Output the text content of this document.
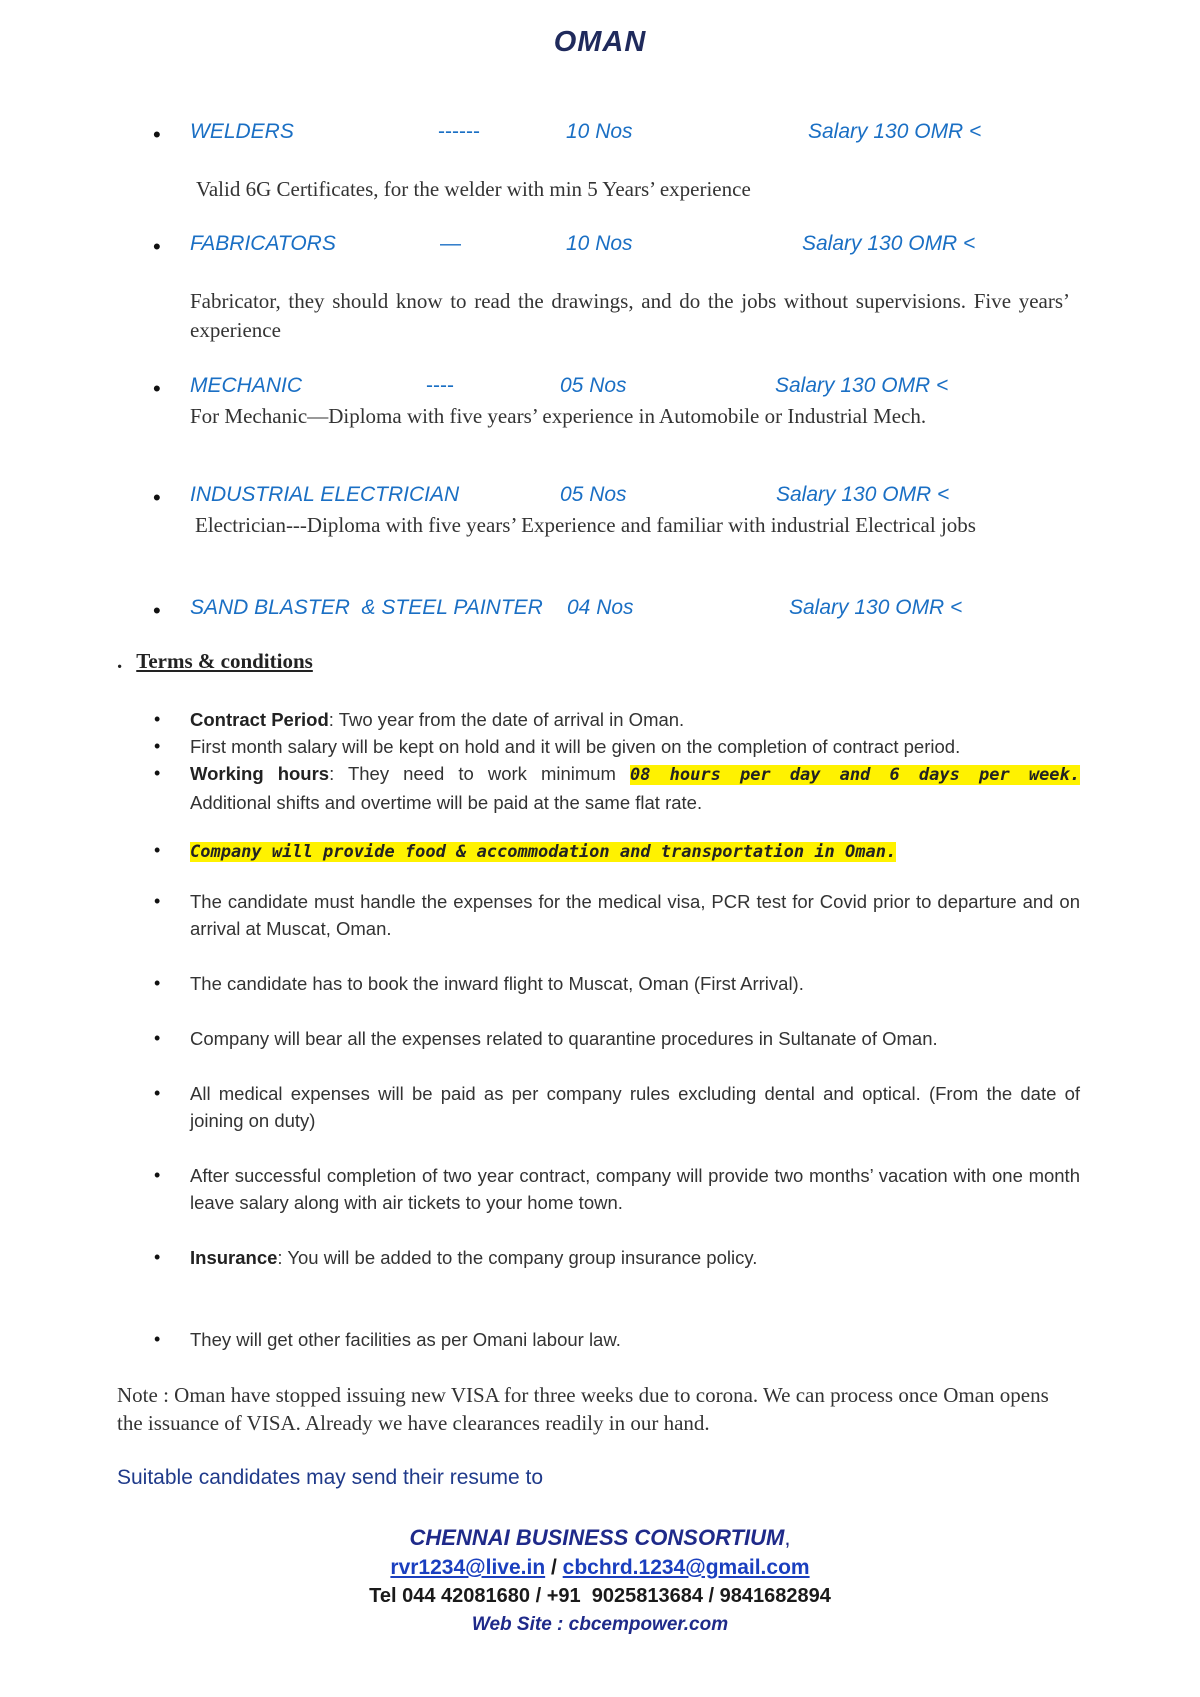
OMAN
• WELDERS	------	10 Nos	Salary 130 OMR <
Valid 6G Certificates, for the welder with min 5 Years’ experience
• FABRICATORS	—	10 Nos	Salary 130 OMR <
Fabricator, they should know to read the drawings, and do the jobs without supervisions. Five years’ experience
• MECHANIC	----	05 Nos	Salary 130 OMR <
For Mechanic—Diploma with five years’ experience in Automobile or Industrial Mech.
• INDUSTRIAL ELECTRICIAN	05 Nos	Salary 130 OMR <
Electrician---Diploma with five years’ Experience and familiar with industrial Electrical jobs
• SAND BLASTER  & STEEL PAINTER 04 Nos	Salary 130 OMR <
. Terms & conditions
• Contract Period: Two year from the date of arrival in Oman.
• First month salary will be kept on hold and it will be given on the completion of contract period.
• Working hours: They need to work minimum 08 hours per day and 6 days per week. Additional shifts and overtime will be paid at the same flat rate.
• Company will provide food & accommodation and transportation in Oman.
• The candidate must handle the expenses for the medical visa, PCR test for Covid prior to departure and on arrival at Muscat, Oman.
• The candidate has to book the inward flight to Muscat, Oman (First Arrival).
• Company will bear all the expenses related to quarantine procedures in Sultanate of Oman.
• All medical expenses will be paid as per company rules excluding dental and optical. (From the date of joining on duty)
• After successful completion of two year contract, company will provide two months’ vacation with one month leave salary along with air tickets to your home town.
• Insurance: You will be added to the company group insurance policy.
• They will get other facilities as per Omani labour law.
Note : Oman have stopped issuing new VISA for three weeks due to corona. We can process once Oman opens the issuance of VISA. Already we have clearances readily in our hand.
Suitable candidates may send their resume to
CHENNAI BUSINESS CONSORTIUM,
rvr1234@live.in / cbchrd.1234@gmail.com
Tel 044 42081680 / +91  9025813684 / 9841682894
Web Site : cbcempower.com
